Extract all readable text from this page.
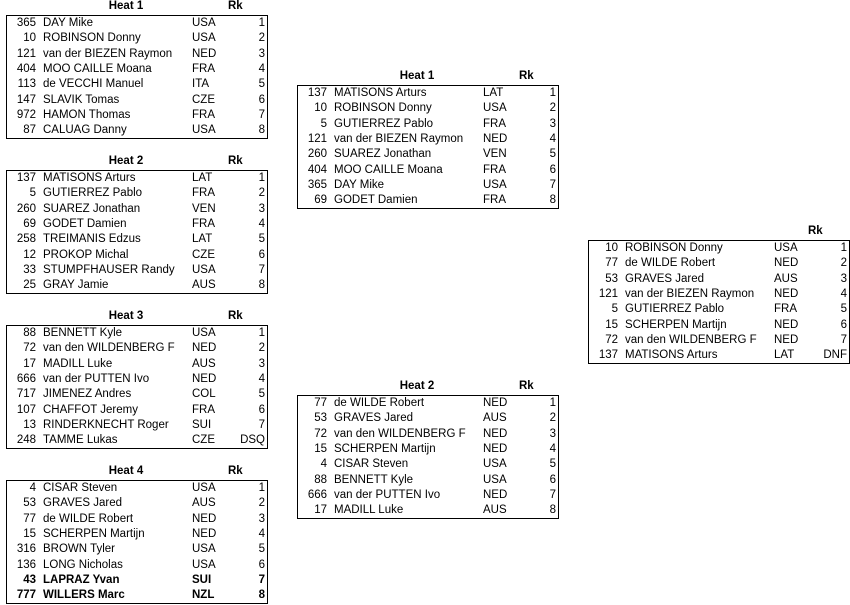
Heat 1	Rk
365	DAY Mike	USA	1
10	ROBINSON Donny	USA	2
121	van der BIEZEN Raymon	NED	3
404	MOO CAILLE Moana	FRA	4
113	de VECCHI Manuel	ITA	5
147	SLAVIK Tomas	CZE	6
972	HAMON Thomas	FRA	7
87	CALUAG Danny	USA	8
Heat 2	Rk
137	MATISONS Arturs	LAT	1
5	GUTIERREZ Pablo	FRA	2
260	SUAREZ Jonathan	VEN	3
69	GODET Damien	FRA	4
258	TREIMANIS Edzus	LAT	5
12	PROKOP Michal	CZE	6
33	STUMPFHAUSER Randy	USA	7
25	GRAY Jamie	AUS	8
Heat 3	Rk
88	BENNETT Kyle	USA	1
72	van den WILDENBERG F	NED	2
17	MADILL Luke	AUS	3
666	van der PUTTEN Ivo	NED	4
717	JIMENEZ Andres	COL	5
107	CHAFFOT Jeremy	FRA	6
13	RINDERKNECHT Roger	SUI	7
248	TAMME Lukas	CZE	DSQ
Heat 4	Rk
4	CISAR Steven	USA	1
53	GRAVES Jared	AUS	2
77	de WILDE Robert	NED	3
15	SCHERPEN Martijn	NED	4
316	BROWN Tyler	USA	5
136	LONG Nicholas	USA	6
43	LAPRAZ Yvan	SUI	7
777	WILLERS Marc	NZL	8
Heat 1	Rk
137	MATISONS Arturs	LAT	1
10	ROBINSON Donny	USA	2
5	GUTIERREZ Pablo	FRA	3
121	van der BIEZEN Raymon	NED	4
260	SUAREZ Jonathan	VEN	5
404	MOO CAILLE Moana	FRA	6
365	DAY Mike	USA	7
69	GODET Damien	FRA	8
Heat 2	Rk
77	de WILDE Robert	NED	1
53	GRAVES Jared	AUS	2
72	van den WILDENBERG F	NED	3
15	SCHERPEN Martijn	NED	4
4	CISAR Steven	USA	5
88	BENNETT Kyle	USA	6
666	van der PUTTEN Ivo	NED	7
17	MADILL Luke	AUS	8
Rk
10	ROBINSON Donny	USA	1
77	de WILDE Robert	NED	2
53	GRAVES Jared	AUS	3
121	van der BIEZEN Raymon	NED	4
5	GUTIERREZ Pablo	FRA	5
15	SCHERPEN Martijn	NED	6
72	van den WILDENBERG F	NED	7
137	MATISONS Arturs	LAT	DNF
